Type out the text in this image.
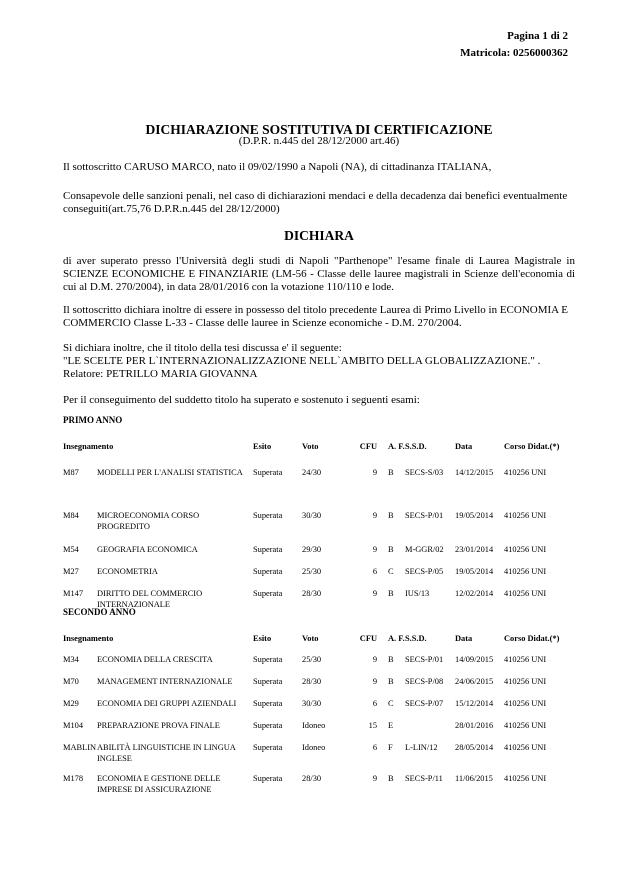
Pagina 1 di 2
Matricola: 0256000362
DICHIARAZIONE SOSTITUTIVA DI CERTIFICAZIONE
(D.P.R. n.445 del 28/12/2000 art.46)
Il sottoscritto CARUSO MARCO, nato il 09/02/1990 a Napoli (NA), di cittadinanza ITALIANA,
Consapevole delle sanzioni penali, nel caso di dichiarazioni mendaci e della decadenza dai benefici eventualmente conseguiti(art.75,76 D.P.R.n.445 del 28/12/2000)
DICHIARA
di aver superato presso l'Università degli studi di Napoli "Parthenope" l'esame finale di Laurea Magistrale in SCIENZE ECONOMICHE E FINANZIARIE (LM-56 - Classe delle lauree magistrali in Scienze dell'economia di cui al D.M. 270/2004), in data 28/01/2016 con la votazione 110/110 e lode.
Il sottoscritto dichiara inoltre di essere in possesso del titolo precedente Laurea di Primo Livello in ECONOMIA E COMMERCIO Classe L-33 - Classe delle lauree in Scienze economiche - D.M. 270/2004.
Si dichiara inoltre, che il titolo della tesi discussa e' il seguente:
"LE SCELTE PER L`INTERNAZIONALIZZAZIONE NELL`AMBITO DELLA GLOBALIZZAZIONE." .
Relatore: PETRILLO MARIA GIOVANNA
Per il conseguimento del suddetto titolo ha superato e sostenuto i seguenti esami:
PRIMO ANNO
Insegnamento	Esito	Voto	CFU A. F. S.S.D.	Data	Corso Didat.(*)
M87 MODELLI PER L'ANALISI STATISTICA	Superata 24/30	9 B SECS-S/03 14/12/2015 410256 UNI
M84 MICROECONOMIA CORSO PROGREDITO
Superata 30/30	9 B SECS-P/01 19/05/2014 410256 UNI
M54 GEOGRAFIA ECONOMICA	Superata 29/30	9 B M-GGR/02 23/01/2014 410256 UNI
M27 ECONOMETRIA	Superata 25/30	6 C SECS-P/05 19/05/2014 410256 UNI
M147 DIRITTO DEL COMMERCIO INTERNAZIONALE
Superata 28/30	9 B IUS/13	12/02/2014 410256 UNI
SECONDO ANNO
Insegnamento	Esito	Voto	CFU A. F. S.S.D.	Data	Corso Didat.(*)
M34 ECONOMIA DELLA CRESCITA	Superata 25/30	9 B SECS-P/01 14/09/2015 410256 UNI
M70 MANAGEMENT INTERNAZIONALE	Superata 28/30	9 B SECS-P/08 24/06/2015 410256 UNI
M29 ECONOMIA DEI GRUPPI AZIENDALI	Superata 30/30	6 C SECS-P/07 15/12/2014 410256 UNI
M104 PREPARAZIONE PROVA FINALE	Superata Idoneo	15 E	28/01/2016 410256 UNI
MABLIN ABILITÀ LINGUISTICHE IN LINGUA INGLESE
Superata Idoneo	6 F L-LIN/12 28/05/2014 410256 UNI
M178 ECONOMIA E GESTIONE DELLE IMPRESE DI ASSICURAZIONE
Superata 28/30	9 B SECS-P/11 11/06/2015 410256 UNI
